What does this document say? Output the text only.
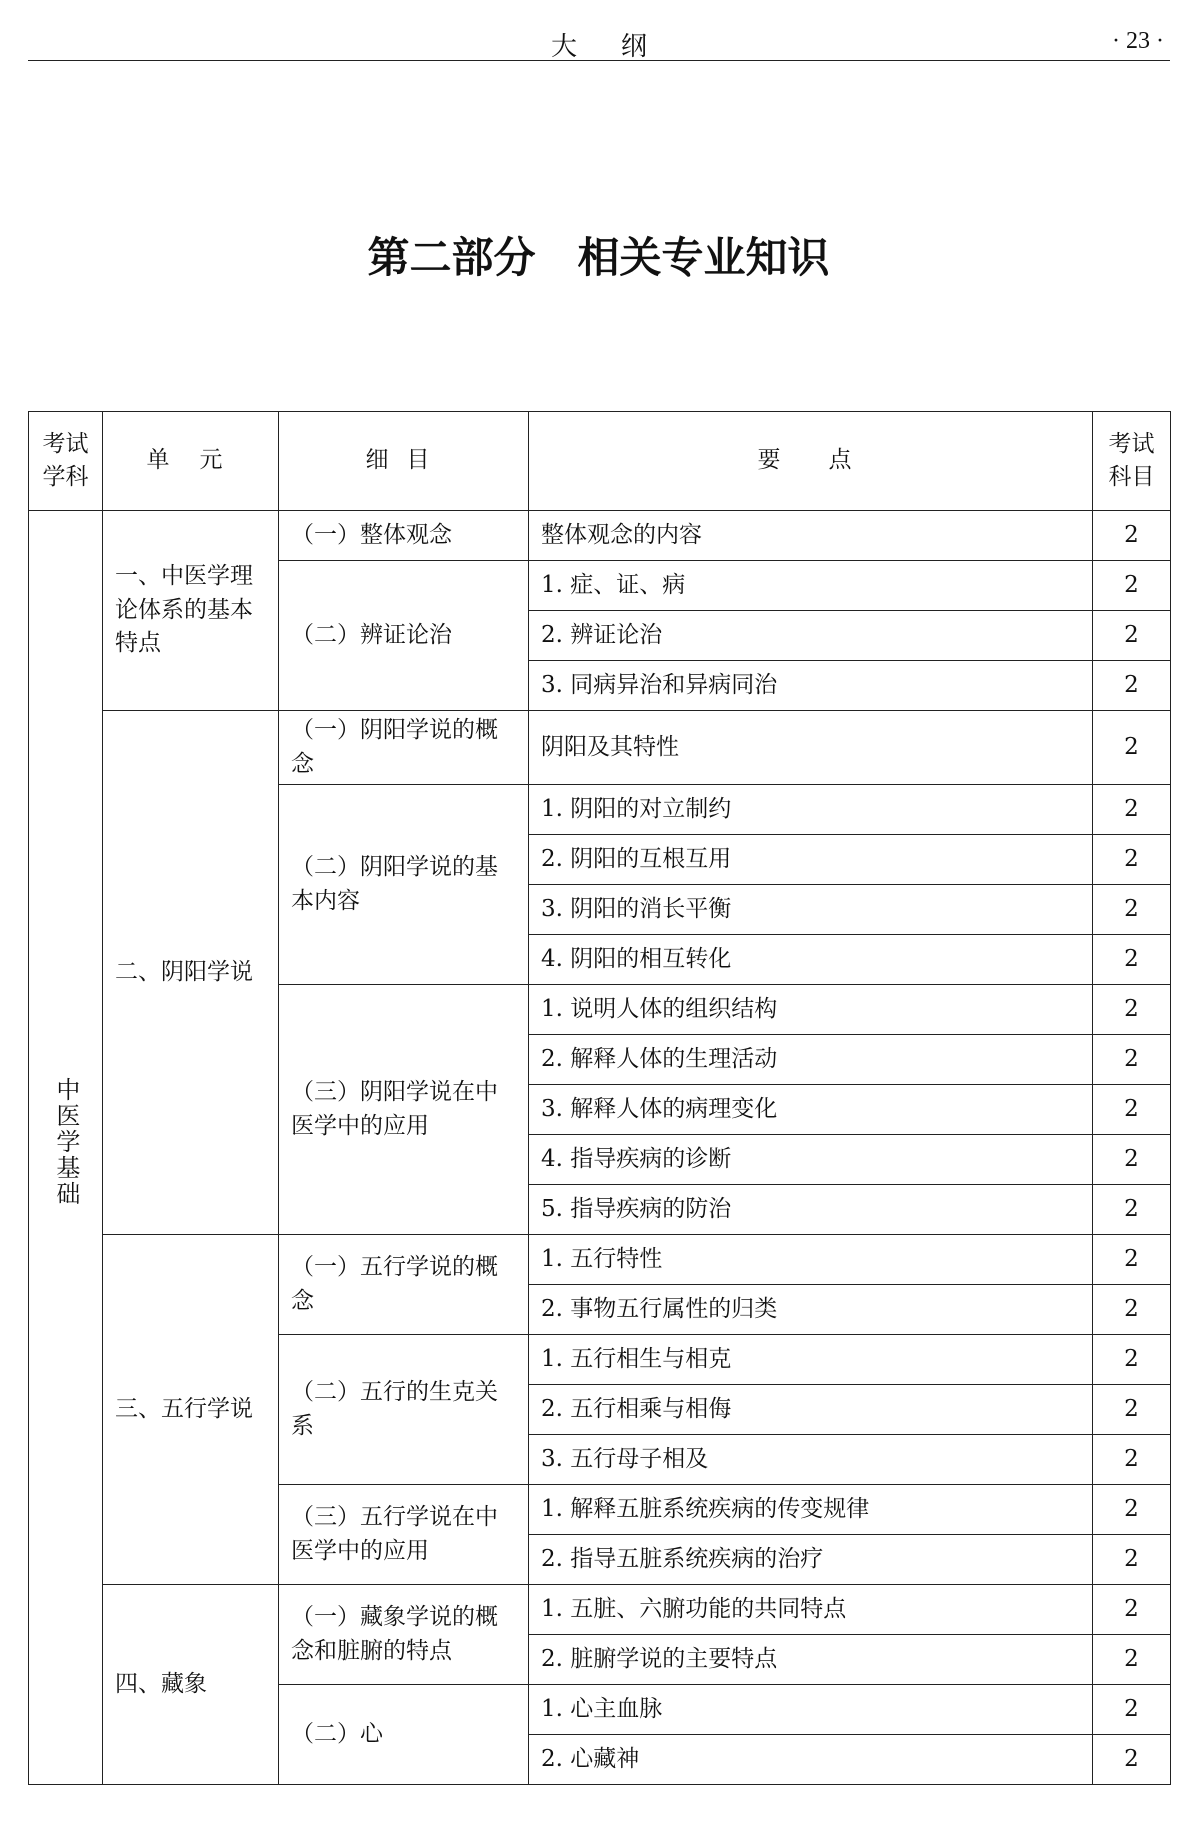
大纲	· 23 ·
第二部分　相关专业知识
考试学科	单元	细目	要点	考试科目
中医学基础	一、中医学理论体系的基本特点	（一）整体观念	整体观念的内容	2
		（二）辨证论治	1. 症、证、病	2
			2. 辨证论治	2
			3. 同病异治和异病同治	2
	二、阴阳学说	（一）阴阳学说的概念	阴阳及其特性	2
		（二）阴阳学说的基本内容	1. 阴阳的对立制约	2
			2. 阴阳的互根互用	2
			3. 阴阳的消长平衡	2
			4. 阴阳的相互转化	2
		（三）阴阳学说在中医学中的应用	1. 说明人体的组织结构	2
			2. 解释人体的生理活动	2
			3. 解释人体的病理变化	2
			4. 指导疾病的诊断	2
			5. 指导疾病的防治	2
	三、五行学说	（一）五行学说的概念	1. 五行特性	2
			2. 事物五行属性的归类	2
		（二）五行的生克关系	1. 五行相生与相克	2
			2. 五行相乘与相侮	2
			3. 五行母子相及	2
		（三）五行学说在中医学中的应用	1. 解释五脏系统疾病的传变规律	2
			2. 指导五脏系统疾病的治疗	2
	四、藏象	（一）藏象学说的概念和脏腑的特点	1. 五脏、六腑功能的共同特点	2
			2. 脏腑学说的主要特点	2
		（二）心	1. 心主血脉	2
			2. 心藏神	2
